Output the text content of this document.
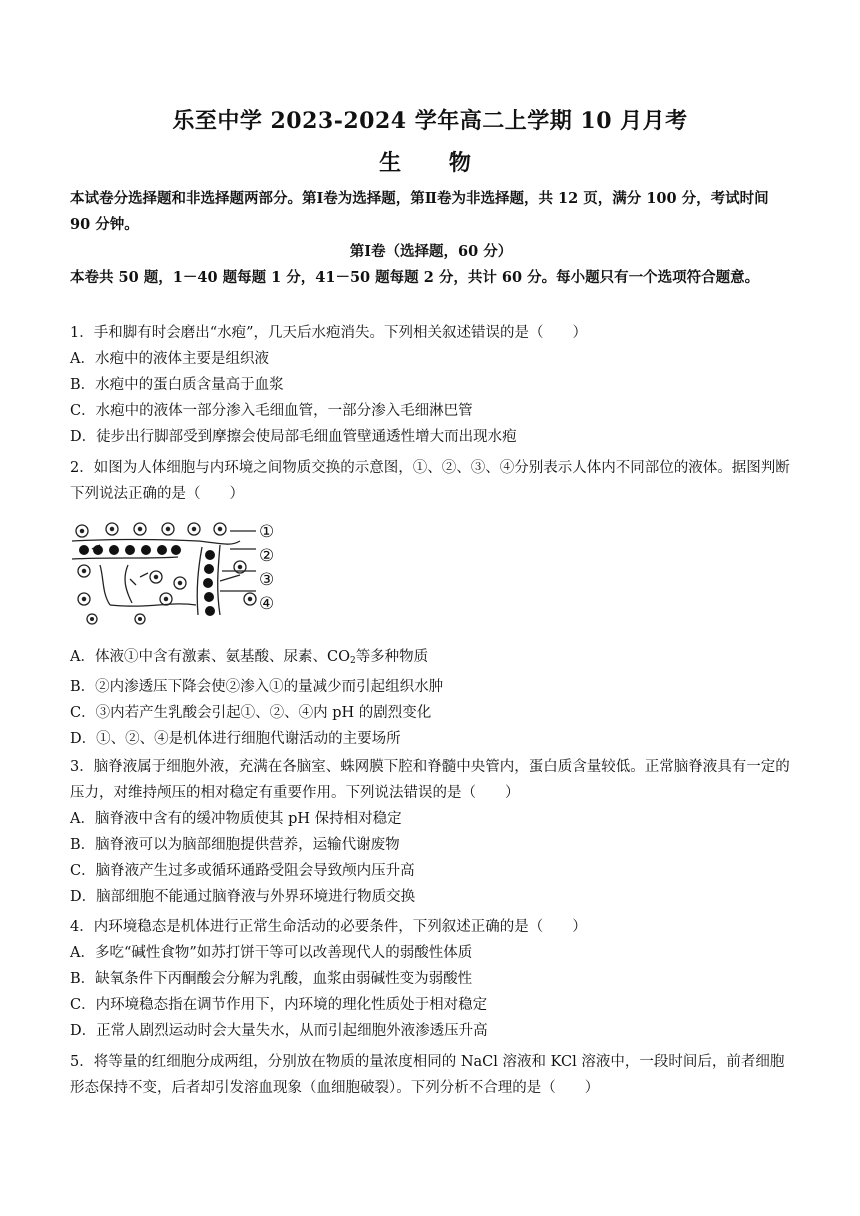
乐至中学 2023-2024 学年高二上学期 10 月月考
生 物
本试卷分选择题和非选择题两部分。第Ⅰ卷为选择题，第Ⅱ卷为非选择题，共 12 页，满分 100 分，考试时间 90 分钟。
第Ⅰ卷（选择题，60 分）
本卷共 50 题，1－40 题每题 1 分，41－50 题每题 2 分，共计 60 分。每小题只有一个选项符合题意。
1．手和脚有时会磨出“水疱”，几天后水疱消失。下列相关叙述错误的是（　　）
A．水疱中的液体主要是组织液
B．水疱中的蛋白质含量高于血浆
C．水疱中的液体一部分渗入毛细血管，一部分渗入毛细淋巴管
D．徒步出行脚部受到摩擦会使局部毛细血管壁通透性增大而出现水疱
2．如图为人体细胞与内环境之间物质交换的示意图，①、②、③、④分别表示人体内不同部位的液体。据图判断下列说法正确的是（　　）
①
②
③
④
A．体液①中含有激素、氨基酸、尿素、$CO_2$等多种物质
B．②内渗透压下降会使②渗入①的量减少而引起组织水肿
C．③内若产生乳酸会引起①、②、④内 pH 的剧烈变化
D．①、②、④是机体进行细胞代谢活动的主要场所
3．脑脊液属于细胞外液，充满在各脑室、蛛网膜下腔和脊髓中央管内，蛋白质含量较低。正常脑脊液具有一定的压力，对维持颅压的相对稳定有重要作用。下列说法错误的是（　　）
A．脑脊液中含有的缓冲物质使其 pH 保持相对稳定
B．脑脊液可以为脑部细胞提供营养，运输代谢废物
C．脑脊液产生过多或循环通路受阻会导致颅内压升高
D．脑部细胞不能通过脑脊液与外界环境进行物质交换
4．内环境稳态是机体进行正常生命活动的必要条件，下列叙述正确的是（　　）
A．多吃“碱性食物”如苏打饼干等可以改善现代人的弱酸性体质
B．缺氧条件下丙酮酸会分解为乳酸，血浆由弱碱性变为弱酸性
C．内环境稳态指在调节作用下，内环境的理化性质处于相对稳定
D．正常人剧烈运动时会大量失水，从而引起细胞外液渗透压升高
5．将等量的红细胞分成两组，分别放在物质的量浓度相同的 NaCl 溶液和 KCl 溶液中，一段时间后，前者细胞形态保持不变，后者却引发溶血现象（血细胞破裂）。下列分析不合理的是（　　）
